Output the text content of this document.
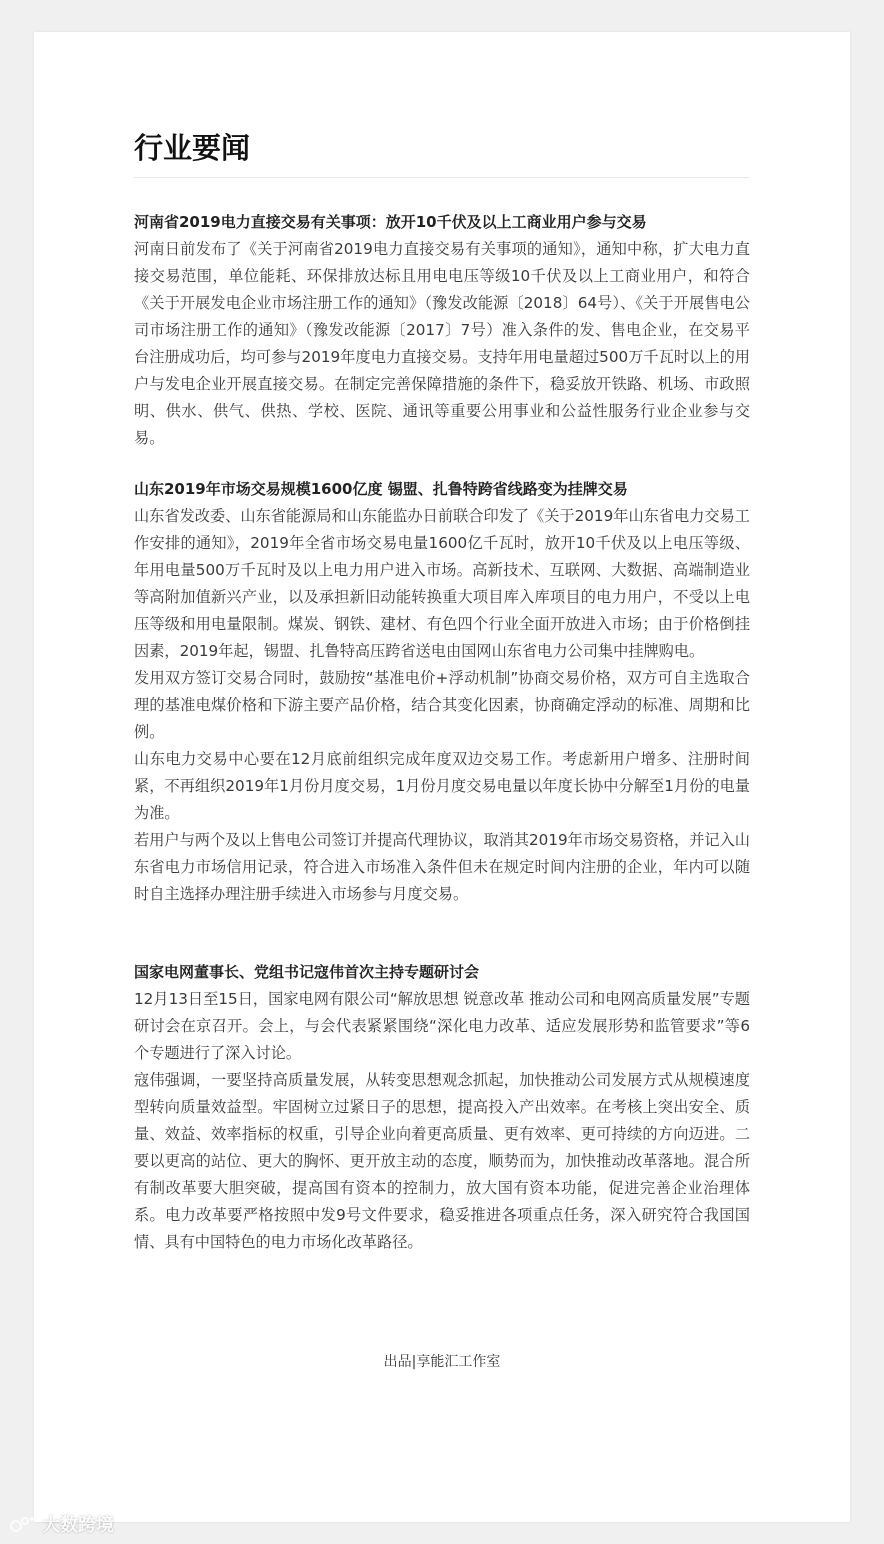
行业要闻
河南省2019电力直接交易有关事项：放开10千伏及以上工商业用户参与交易

河南日前发布了《关于河南省2019电力直接交易有关事项的通知》，通知中称，扩大电力直接交易范围，单位能耗、环保排放达标且用电电压等级10千伏及以上工商业用户，和符合《关于开展发电企业市场注册工作的通知》（豫发改能源〔2018〕64号）、《关于开展售电公司市场注册工作的通知》（豫发改能源〔2017〕7号）准入条件的发、售电企业，在交易平台注册成功后，均可参与2019年度电力直接交易。支持年用电量超过500万千瓦时以上的用户与发电企业开展直接交易。在制定完善保障措施的条件下，稳妥放开铁路、机场、市政照明、供水、供气、供热、学校、医院、通讯等重要公用事业和公益性服务行业企业参与交易。

山东2019年市场交易规模1600亿度 锡盟、扎鲁特跨省线路变为挂牌交易

山东省发改委、山东省能源局和山东能监办日前联合印发了《关于2019年山东省电力交易工作安排的通知》，2019年全省市场交易电量1600亿千瓦时，放开10千伏及以上电压等级、年用电量500万千瓦时及以上电力用户进入市场。高新技术、互联网、大数据、高端制造业等高附加值新兴产业，以及承担新旧动能转换重大项目库入库项目的电力用户，不受以上电压等级和用电量限制。煤炭、钢铁、建材、有色四个行业全面开放进入市场；由于价格倒挂因素，2019年起，锡盟、扎鲁特高压跨省送电由国网山东省电力公司集中挂牌购电。

发用双方签订交易合同时，鼓励按“基准电价+浮动机制”协商交易价格，双方可自主选取合理的基准电煤价格和下游主要产品价格，结合其变化因素，协商确定浮动的标准、周期和比例。

山东电力交易中心要在12月底前组织完成年度双边交易工作。考虑新用户增多、注册时间紧，不再组织2019年1月份月度交易，1月份月度交易电量以年度长协中分解至1月份的电量为准。

若用户与两个及以上售电公司签订并提高代理协议，取消其2019年市场交易资格，并记入山东省电力市场信用记录，符合进入市场准入条件但未在规定时间内注册的企业，年内可以随时自主选择办理注册手续进入市场参与月度交易。

国家电网董事长、党组书记寇伟首次主持专题研讨会

12月13日至15日，国家电网有限公司“解放思想 锐意改革 推动公司和电网高质量发展”专题研讨会在京召开。会上，与会代表紧紧围绕“深化电力改革、适应发展形势和监管要求”等6个专题进行了深入讨论。

寇伟强调，一要坚持高质量发展，从转变思想观念抓起，加快推动公司发展方式从规模速度型转向质量效益型。牢固树立过紧日子的思想，提高投入产出效率。在考核上突出安全、质量、效益、效率指标的权重，引导企业向着更高质量、更有效率、更可持续的方向迈进。二要以更高的站位、更大的胸怀、更开放主动的态度，顺势而为，加快推动改革落地。混合所有制改革要大胆突破，提高国有资本的控制力，放大国有资本功能，促进完善企业治理体系。电力改革要严格按照中发9号文件要求，稳妥推进各项重点任务，深入研究符合我国国情、具有中国特色的电力市场化改革路径。

出品|享能汇工作室
大数跨境
